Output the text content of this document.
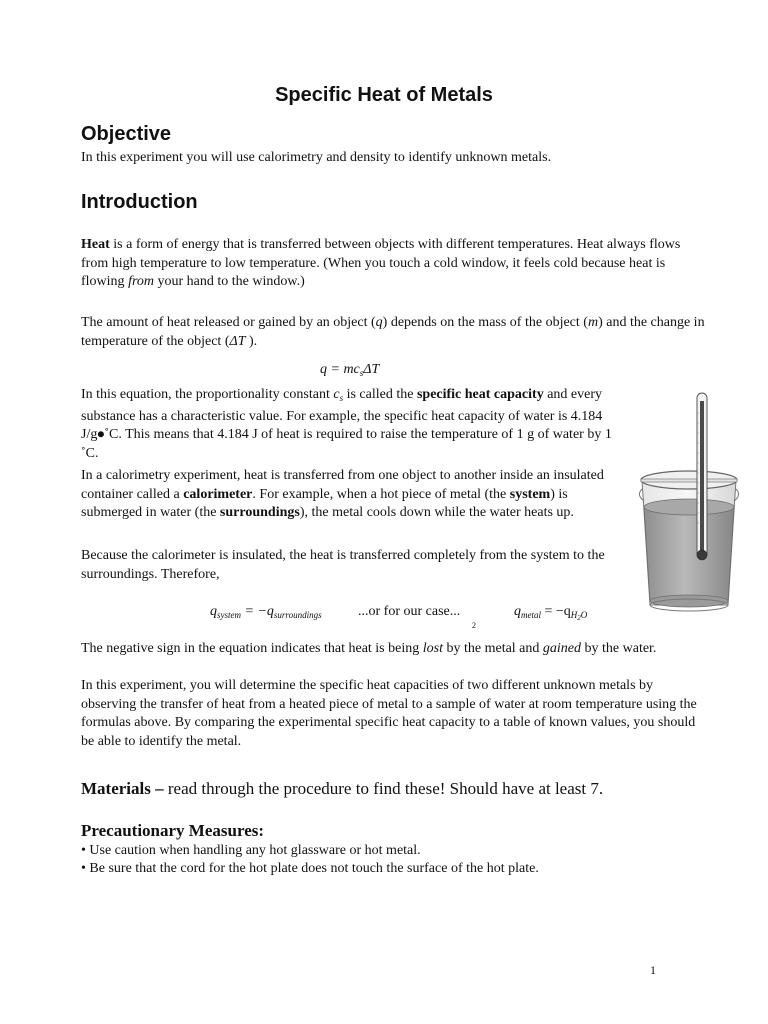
Specific Heat of Metals
Objective
In this experiment you will use calorimetry and density to identify unknown metals.
Introduction
Heat is a form of energy that is transferred between objects with different temperatures. Heat always flows from high temperature to low temperature. (When you touch a cold window, it feels cold because heat is flowing from your hand to the window.)
The amount of heat released or gained by an object (q) depends on the mass of the object (m) and the change in temperature of the object (ΔT ).
$q = mc_s\Delta T$
In this equation, the proportionality constant $c_s$ is called the specific heat capacity and every substance has a characteristic value. For example, the specific heat capacity of water is 4.184 J/g⦁˚C. This means that 4.184 J of heat is required to raise the temperature of 1 g of water by 1 ˚C.
In a calorimetry experiment, heat is transferred from one object to another inside an insulated container called a calorimeter. For example, when a hot piece of metal (the system) is submerged in water (the surroundings), the metal cools down while the water heats up.
Because the calorimeter is insulated, the heat is transferred completely from the system to the surroundings. Therefore,
$q_{system} = -q_{surroundings}$	...or for our case...
2
$q_{metal} = -q_{H2O}$
The negative sign in the equation indicates that heat is being lost by the metal and gained by the water.
In this experiment, you will determine the specific heat capacities of two different unknown metals by observing the transfer of heat from a heated piece of metal to a sample of water at room temperature using the formulas above. By comparing the experimental specific heat capacity to a table of known values, you should be able to identify the metal.
Materials – read through the procedure to find these! Should have at least 7.
Precautionary Measures:
• Use caution when handling any hot glassware or hot metal.
• Be sure that the cord for the hot plate does not touch the surface of the hot plate.
1
